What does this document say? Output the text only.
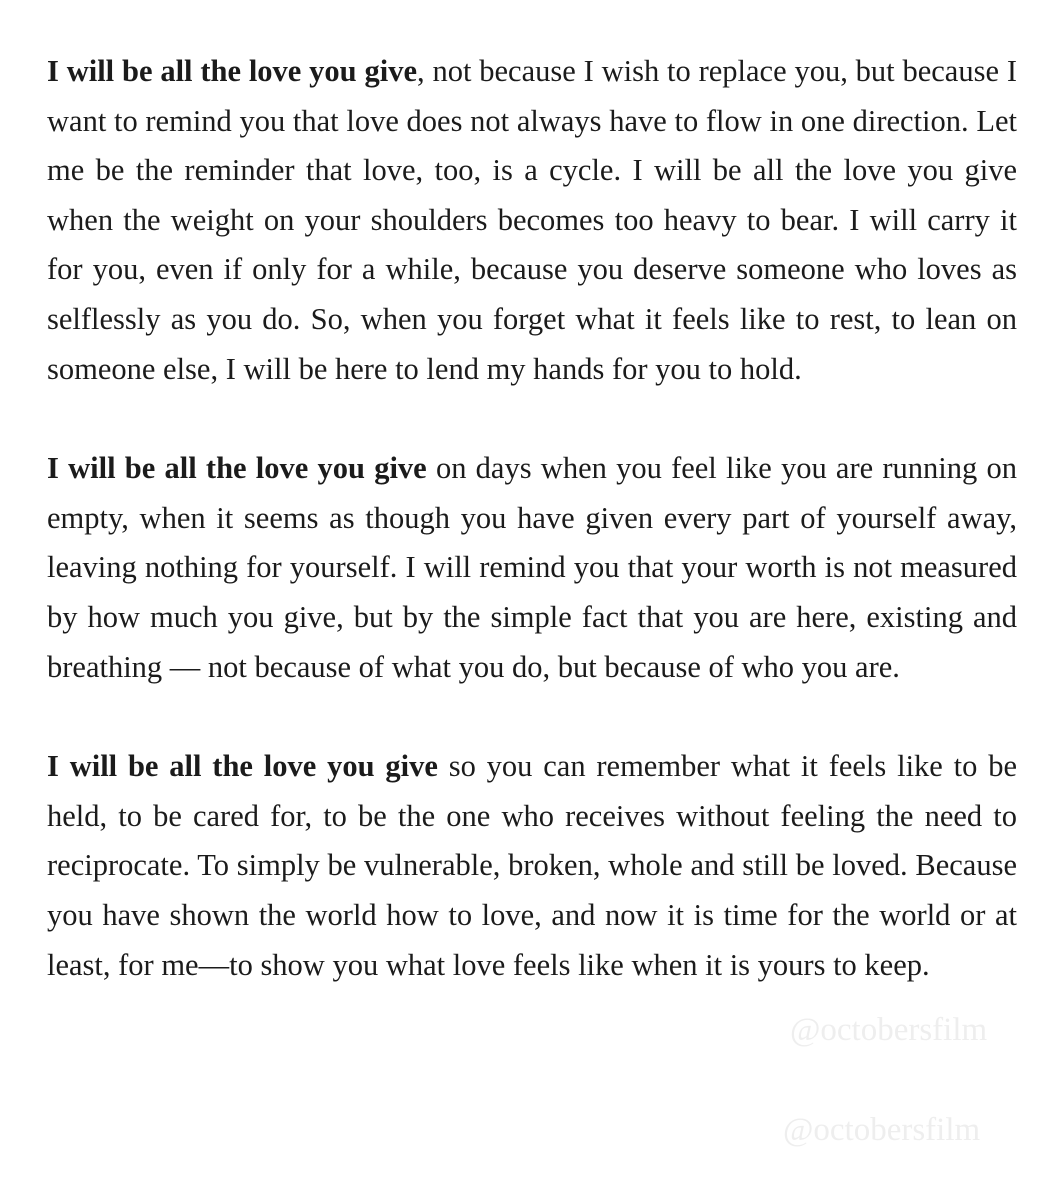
I will be all the love you give, not because I wish to replace you, but because I want to remind you that love does not always have to flow in one direction. Let me be the reminder that love, too, is a cycle. I will be all the love you give when the weight on your shoulders becomes too heavy to bear. I will carry it for you, even if only for a while, because you deserve someone who loves as selflessly as you do. So, when you forget what it feels like to rest, to lean on someone else, I will be here to lend my hands for you to hold.

I will be all the love you give on days when you feel like you are running on empty, when it seems as though you have given every part of yourself away, leaving nothing for yourself. I will remind you that your worth is not measured by how much you give, but by the simple fact that you are here, existing and breathing — not because of what you do, but because of who you are.

I will be all the love you give so you can remember what it feels like to be held, to be cared for, to be the one who receives without feeling the need to reciprocate. To simply be vulnerable, broken, whole and still be loved. Because you have shown the world how to love, and now it is time for the world or at least, for me—to show you what love feels like when it is yours to keep.

@octobersfilm
@octobersfilm
